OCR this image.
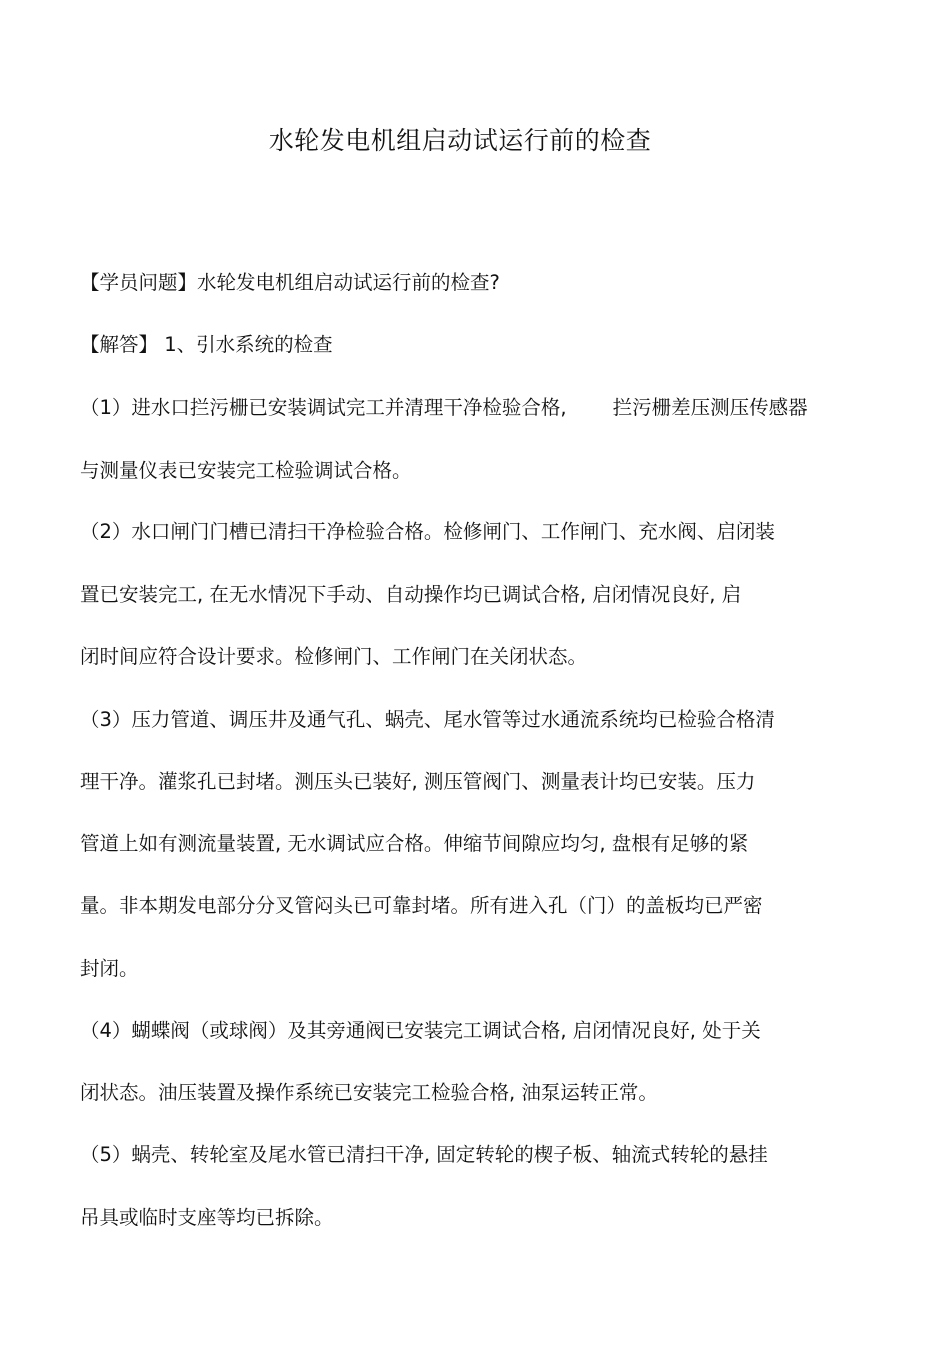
水轮发电机组启动试运行前的检查

【学员问题】水轮发电机组启动试运行前的检查?

【解答】 1、引水系统的检查

（1）进水口拦污栅已安装调试完工并清理干净检验合格, 拦污栅差压测压传感器

与测量仪表已安装完工检验调试合格。

（2）水口闸门门槽已清扫干净检验合格。检修闸门、工作闸门、充水阀、启闭装

置已安装完工, 在无水情况下手动、自动操作均已调试合格, 启闭情况良好, 启

闭时间应符合设计要求。检修闸门、工作闸门在关闭状态。

（3）压力管道、调压井及通气孔、蜗壳、尾水管等过水通流系统均已检验合格清

理干净。灌浆孔已封堵。测压头已装好, 测压管阀门、测量表计均已安装。压力

管道上如有测流量装置, 无水调试应合格。伸缩节间隙应均匀, 盘根有足够的紧

量。非本期发电部分分叉管闷头已可靠封堵。所有进入孔（门）的盖板均已严密

封闭。

（4）蝴蝶阀（或球阀）及其旁通阀已安装完工调试合格, 启闭情况良好, 处于关

闭状态。油压装置及操作系统已安装完工检验合格, 油泵运转正常。

（5）蜗壳、转轮室及尾水管已清扫干净, 固定转轮的楔子板、轴流式转轮的悬挂

吊具或临时支座等均已拆除。
